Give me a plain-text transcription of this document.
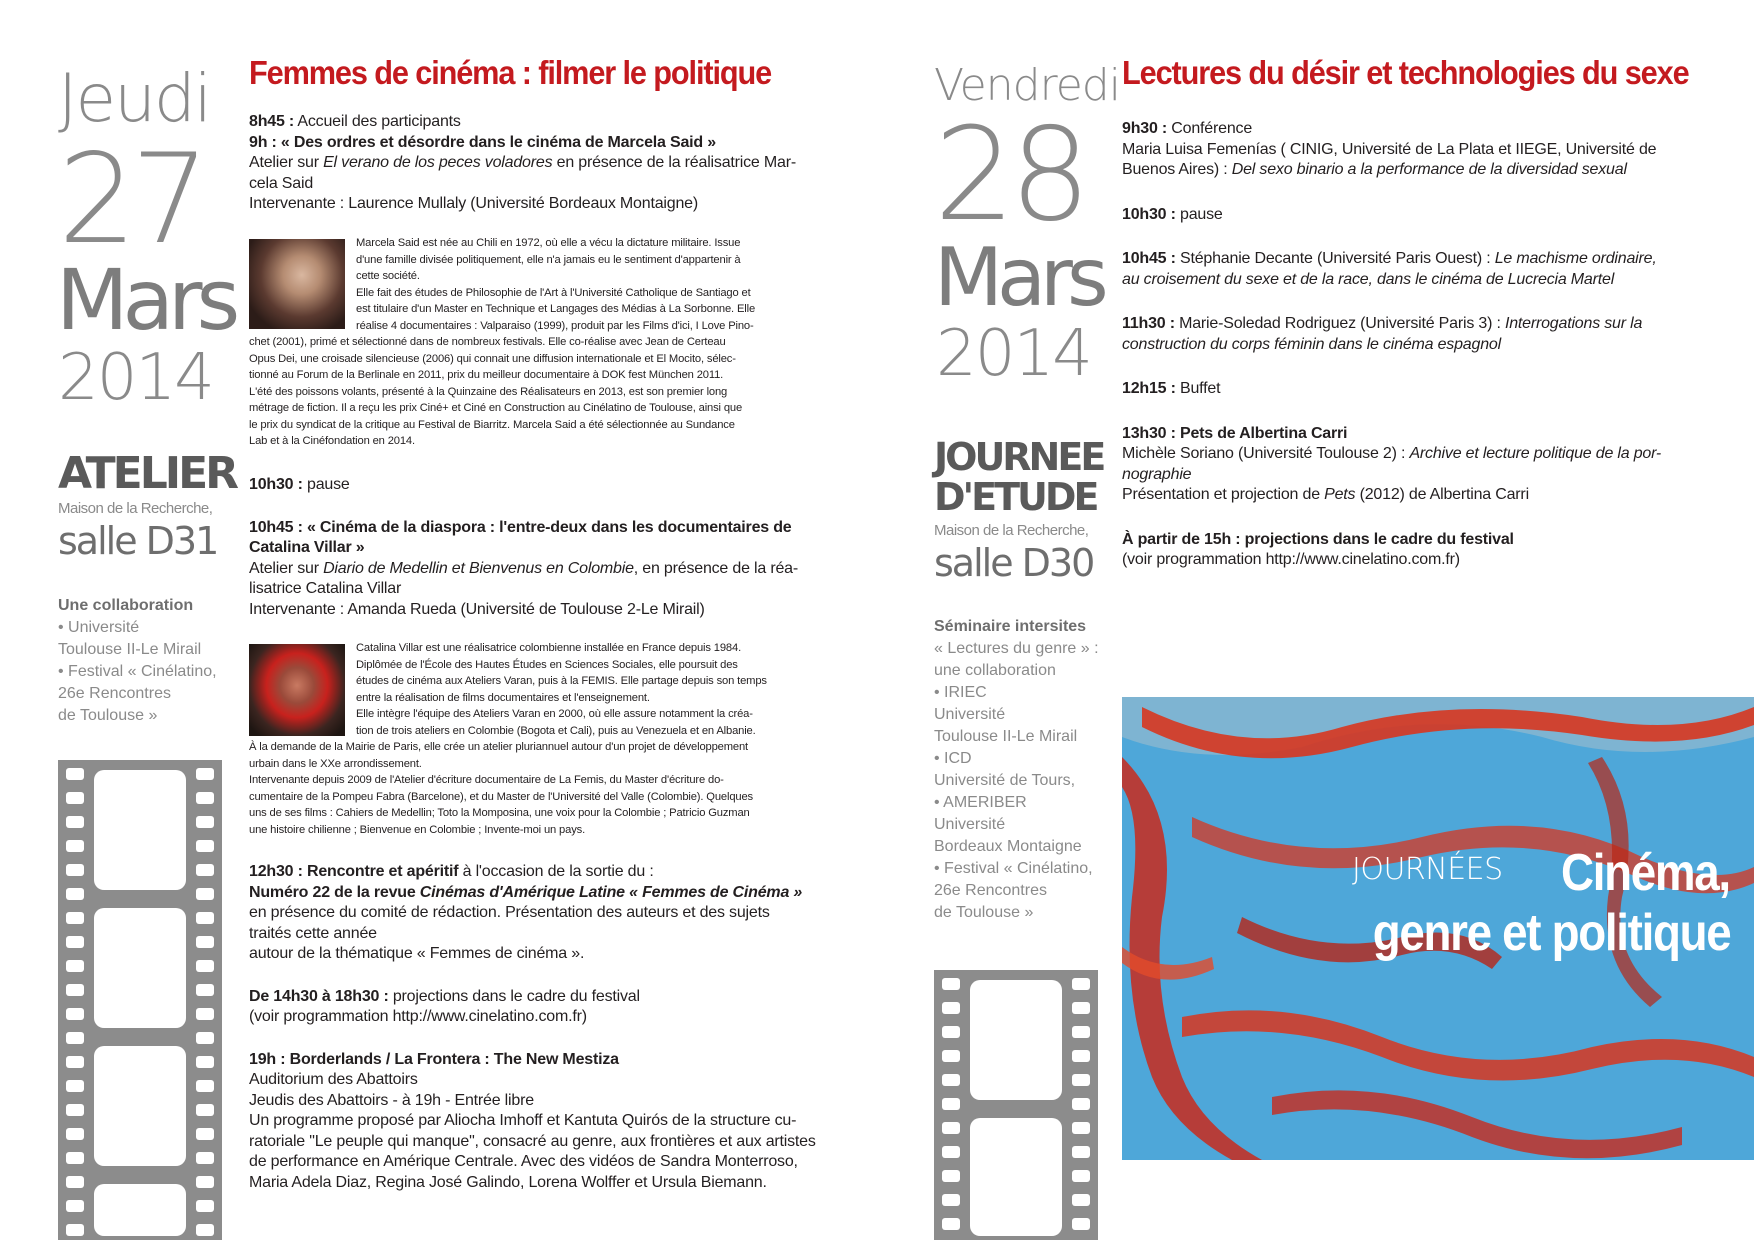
Jeudi
27
Mars
2014
ATELIER
Maison de la Recherche,
salle D31
Une collaboration
• Université
Toulouse II-Le Mirail
• Festival « Cinélatino,
26e Rencontres
de Toulouse »
Femmes de cinéma : filmer le politique

8h45 : Accueil des participants

9h : « Des ordres et désordre dans le cinéma de Marcela Said »

Atelier sur El verano de los peces voladores en présence de la réalisatrice Mar-

cela Said

Intervenante : Laurence Mullaly (Université Bordeaux Montaigne)

Marcela Said est née au Chili en 1972, où elle a vécu la dictature militaire. Issue
d'une famille divisée politiquement, elle n'a jamais eu le sentiment d'appartenir à
cette société.
Elle fait des études de Philosophie de l'Art à l'Université Catholique de Santiago et
est titulaire d'un Master en Technique et Langages des Médias à La Sorbonne. Elle
réalise 4 documentaires : Valparaiso (1999), produit par les Films d'ici, I Love Pino-
chet (2001), primé et sélectionné dans de nombreux festivals. Elle co-réalise avec Jean de Certeau
Opus Dei, une croisade silencieuse (2006) qui connait une diffusion internationale et El Mocito, sélec-
tionné au Forum de la Berlinale en 2011, prix du meilleur documentaire à DOK fest München 2011.
L'été des poissons volants, présenté à la Quinzaine des Réalisateurs en 2013, est son premier long
métrage de fiction. Il a reçu les prix Ciné+ et Ciné en Construction au Cinélatino de Toulouse, ainsi que
le prix du syndicat de la critique au Festival de Biarritz. Marcela Said a été sélectionnée au Sundance
Lab et à la Cinéfondation en 2014.

10h30 : pause

10h45 : « Cinéma de la diaspora : l'entre-deux dans les documentaires de

Catalina Villar »

Atelier sur Diario de Medellin et Bienvenus en Colombie, en présence de la réa-

lisatrice Catalina Villar

Intervenante : Amanda Rueda (Université de Toulouse 2-Le Mirail)

Catalina Villar est une réalisatrice colombienne installée en France depuis 1984.
Diplômée de l'École des Hautes Études en Sciences Sociales, elle poursuit des
études de cinéma aux Ateliers Varan, puis à la FEMIS. Elle partage depuis son temps
entre la réalisation de films documentaires et l'enseignement.
Elle intègre l'équipe des Ateliers Varan en 2000, où elle assure notamment la créa-
tion de trois ateliers en Colombie (Bogota et Cali), puis au Venezuela et en Albanie.
À la demande de la Mairie de Paris, elle crée un atelier pluriannuel autour d'un projet de développement
urbain dans le XXe arrondissement.
Intervenante depuis 2009 de l'Atelier d'écriture documentaire de La Femis, du Master d'écriture do-
cumentaire de la Pompeu Fabra (Barcelone), et du Master de l'Université del Valle (Colombie). Quelques
uns de ses films : Cahiers de Medellin; Toto la Momposina, une voix pour la Colombie ; Patricio Guzman
une histoire chilienne ; Bienvenue en Colombie ; Invente-moi un pays.

12h30 : Rencontre et apéritif à l'occasion de la sortie du :

Numéro 22 de la revue Cinémas d'Amérique Latine « Femmes de Cinéma »

en présence du comité de rédaction. Présentation des auteurs et des sujets

traités cette année

autour de la thématique « Femmes de cinéma ».

De 14h30 à 18h30 : projections dans le cadre du festival

(voir programmation http://www.cinelatino.com.fr)

19h : Borderlands / La Frontera : The New Mestiza

Auditorium des Abattoirs

Jeudis des Abattoirs - à 19h - Entrée libre

Un programme proposé par Aliocha Imhoff et Kantuta Quirós de la structure cu-

ratoriale "Le peuple qui manque", consacré au genre, aux frontières et aux artistes

de performance en Amérique Centrale. Avec des vidéos de Sandra Monterroso,

Maria Adela Diaz, Regina José Galindo, Lorena Wolffer et Ursula Biemann.

Vendredi
28
Mars
2014
JOURNEE
D'ETUDE
Maison de la Recherche,
salle D30
Séminaire intersites
« Lectures du genre » :
une collaboration
• IRIEC
Université
Toulouse II-Le Mirail
• ICD
Université de Tours,
• AMERIBER
Université
Bordeaux Montaigne
• Festival « Cinélatino,
26e Rencontres
de Toulouse »
Lectures du désir et technologies du sexe

9h30 : Conférence

Maria Luisa Femenías ( CINIG, Université de La Plata et IIEGE, Université de

Buenos Aires) : Del sexo binario a la performance de la diversidad sexual

10h30 : pause

10h45 : Stéphanie Decante (Université Paris Ouest) : Le machisme ordinaire,

au croisement du sexe et de la race, dans le cinéma de Lucrecia Martel

11h30 : Marie-Soledad Rodriguez (Université Paris 3) : Interrogations sur la

construction du corps féminin dans le cinéma espagnol

12h15 : Buffet

13h30 : Pets de Albertina Carri

Michèle Soriano (Université Toulouse 2) : Archive et lecture politique de la por-

nographie

Présentation et projection de Pets (2012) de Albertina Carri

À partir de 15h : projections dans le cadre du festival

(voir programmation http://www.cinelatino.com.fr)

JOURNÉES Cinéma,
genre et politique
